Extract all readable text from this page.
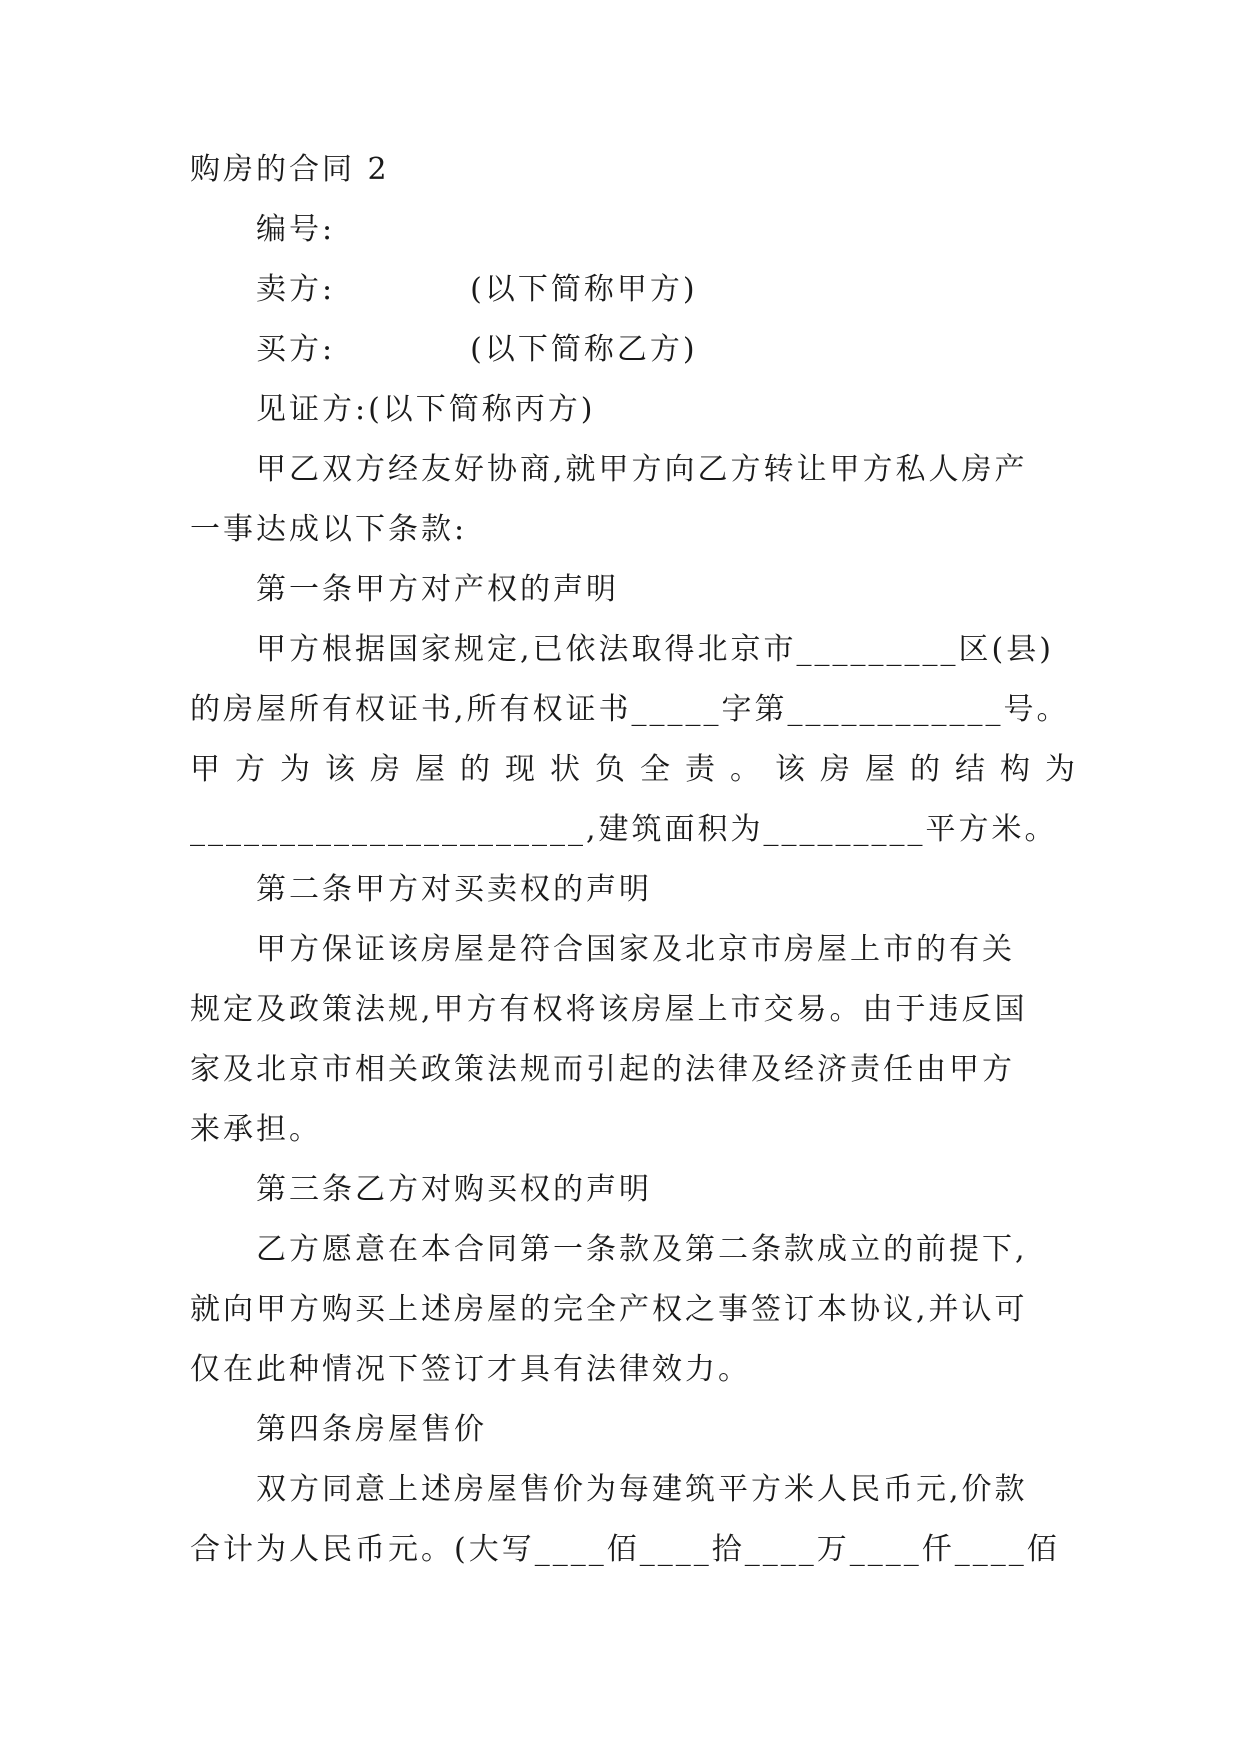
购房的合同 2
编号:
卖方:	(以下简称甲方)
买方:	(以下简称乙方)
见证方:(以下简称丙方)
甲乙双方经友好协商,就甲方向乙方转让甲方私人房产
一事达成以下条款:
第一条甲方对产权的声明
甲方根据国家规定,已依法取得北京市_________区(县)
的房屋所有权证书,所有权证书_____字第____________号。
甲方为该房屋的现状负全责。该房屋的结构为
______________________,建筑面积为_________平方米。
第二条甲方对买卖权的声明
甲方保证该房屋是符合国家及北京市房屋上市的有关
规定及政策法规,甲方有权将该房屋上市交易。由于违反国
家及北京市相关政策法规而引起的法律及经济责任由甲方
来承担。
第三条乙方对购买权的声明
乙方愿意在本合同第一条款及第二条款成立的前提下,
就向甲方购买上述房屋的完全产权之事签订本协议,并认可
仅在此种情况下签订才具有法律效力。
第四条房屋售价
双方同意上述房屋售价为每建筑平方米人民币元,价款
合计为人民币元。(大写____佰____拾____万____仟____佰
